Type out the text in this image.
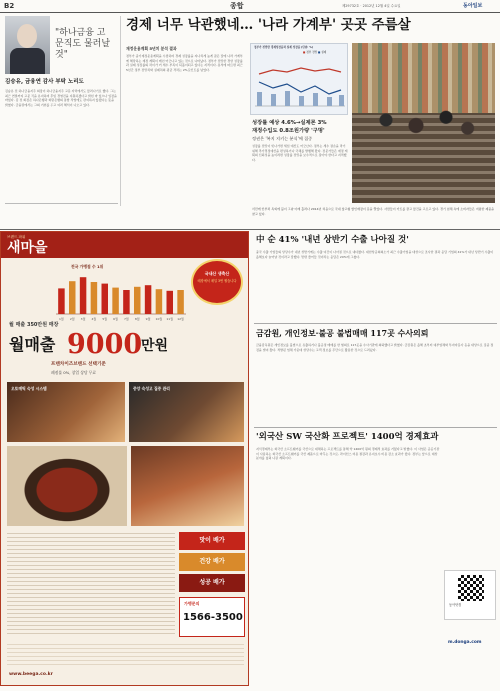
B2	종합	제29732호 · 2012년 12월 4일 수요일	동아일보
"하나금융 고문직도 물러날것"
김승유, 금융연 감사 부탁 노리도
김승유 전 하나금융지주 회장이 하나금융지주 고문 자리에서도 물러나기로 했다. 그는 최근 연말까지 고문 직을 유지하며 후임 경영진을 지원하겠다고 밝힌 바 있으나 입장을 바꿨다. 김 전 회장은 하나은행과 외환은행의 통합 작업에도 관여하지 않겠다는 뜻을 밝혔다. 금융권에서는 그의 거취를 두고 여러 해석이 나오고 있다.
경제 너무 낙관했네… '나라 가계부' 곳곳 주름살
재정운용계획 5년치 분석 결과
정부가 중기재정운용계획을 수립하며 경제 성장률을 지나치게 높게 잡은 탓에 나라 가계부에 해당하는 재정 계획이 매년 어긋나고 있는 것으로 나타났다. 정부가 전망한 경상 성장률과 실제 성장률의 차이가 커 세수 부족이 되풀이되고 있다는 지적이다. 분석에 따르면 최근 5년간 정부 전망치와 실제치의 평균 격차는 2%포인트를 넘었다.
정부가 전망한 경제성장률과 실제 성장률 (단위: %)
■ 정부 전망 ■ 실제
서민에 안부러 옥외에 불이 그냥 아래 흘러나 2014년 처음으로 국내 창고형 할인매장이 문을 열었다. 사람들이 카트를 끌고 물건을 고르고 있다. 경기 침체 속에 소비자들은 저렴한 제품을 찾고 있다.
성장률 예상 4.6%→실제론 3%
재정수입도 0.8조원가량 '구멍'
정권은 '복지 지키는 분식'에 집중
성장률 전망이 빗나가면 세입 예산도 어긋난다. 정부는 세수 결손을 막기 위해 추가경정예산을 편성하거나 국채를 발행해 왔다. 전문가들은 재정 계획의 신뢰성을 높이려면 성장률 전망을 보수적으로 잡아야 한다고 지적했다.
브랜드 파워
새마을
국내산 생축산
매장에서 매일 3번 썰습니다
전국 가맹점 수 1위
1월 2월 3월 4월 5월 6월 7월 8월 9월 10월 11월 12월
월 매출 350만원 매장
월매출 9000
만원
프랜차이즈브랜드 선택기준
폐점률 0%, 창업 상담 무료
오토매틱 숙성 시스템	중앙 숙성고 집중 관리
맛이 배가
건강 배가
성공 배가
가맹문의
1566-3500
www.beega.co.kr
中 순 41% '내년 상반기 수출 나아질 것'
중국 수출 기업들의 상당수가 내년 상반기에는 수출 여건이 나아질 것으로 내다봤다. 대한상공회의소가 최근 수출기업을 대상으로 조사한 결과 응답 기업의 41%가 내년 상반기 수출이 올해보다 늘어날 것이라고 답했다. 반면 줄어들 것이라는 응답은 20%에 그쳤다.
금감원, 개인정보·불공 불법매매 117곳 수사의뢰
금융감독원은 개인정보를 불법으로 유출하거나 불공정 매매를 한 혐의로 117곳을 수사기관에 의뢰했다고 밝혔다. 금감원은 올해 초부터 대부업체와 투자자문사 등을 대상으로 집중 점검을 벌여 왔다. 적발된 업체 가운데 상당수는 고객 정보를 무단으로 활용한 것으로 드러났다.
'외국산 SW 국산화 프로젝트' 1400억 경제효과
지식경제부는 외국산 소프트웨어를 국산으로 대체하는 프로젝트를 통해 약 1400억 원의 경제적 효과를 거뒀다고 밝혔다. 이 사업은 공공기관이 사용하는 외국산 소프트웨어를 국산 제품으로 바꾸는 것으로, 라이선스 비용 절감과 유지보수 비용 감소 효과가 컸다. 정부는 앞으로 대상 분야를 넓혀 나갈 계획이다.
동아닷컴
m.donga.com
